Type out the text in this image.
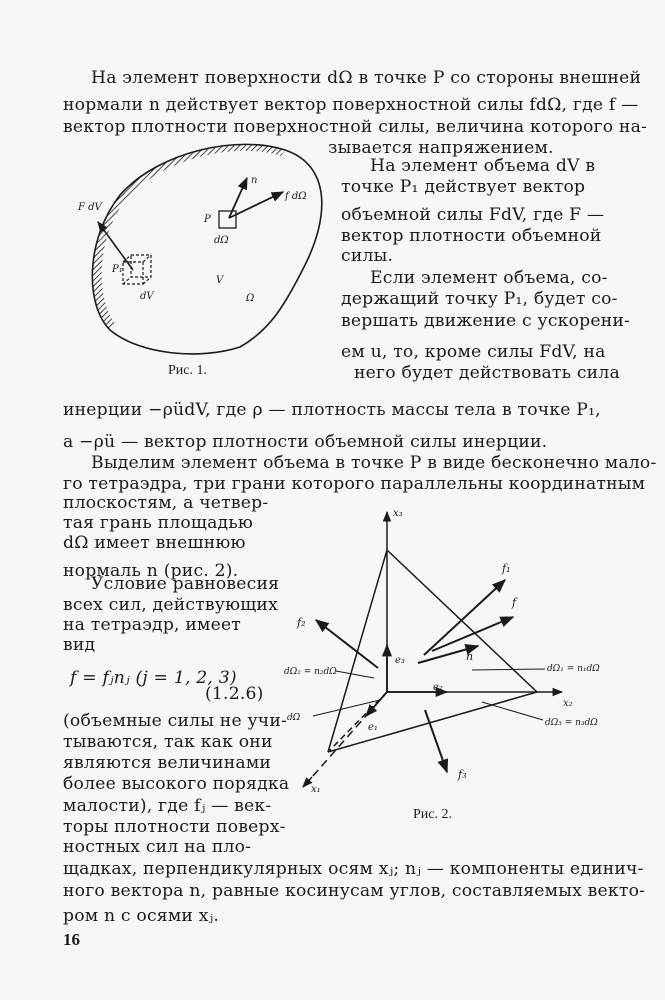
На элемент поверхности dΩ в точке P со стороны внешней
нормали n действует вектор поверхностной силы fdΩ, где f —
вектор плотности поверхностной силы, величина которого на-
зывается напряжением.
На элемент объема dV в
точке P₁ действует вектор
объемной силы FdV, где F —
вектор плотности объемной
силы.
Если элемент объема, со-
держащий точку P₁, будет со-
вершать движение с ускорени-
ем u, то, кроме силы FdV, на
него будет действовать сила
инерции −ρüdV, где ρ — плотность массы тела в точке P₁,
а −ρü — вектор плотности объемной силы инерции.
Выделим элемент объема в точке P в виде бесконечно мало-
го тетраэдра, три грани которого параллельны координатным
плоскостям, а четвер-
тая грань площадью
dΩ имеет внешнюю
нормаль n (рис. 2).
Условие равновесия
всех сил, действующих
на тетраэдр, имеет
вид
f = fⱼnⱼ (j = 1, 2, 3)
(1.2.6)
(объемные силы не учи-
тываются, так как они
являются величинами
более высокого порядка
малости), где fⱼ — век-
торы плотности поверх-
ностных сил на пло-
щадках, перпендикулярных осям xⱼ; nⱼ — компоненты единич-
ного вектора n, равные косинусам углов, составляемых векто-
ром n с осями xⱼ.
16
n
f dΩ
F dV
P
dΩ
P₁
dV
V
Ω
Рис. 1.
x₃
x₂
x₁
f₁
f
f₂
f₃
n
e₃
e₂
e₁
dΩ₂ = n₂dΩ	dΩ₁ = n₁dΩ
dΩ₃ = n₃dΩ
dΩ
Рис. 2.
